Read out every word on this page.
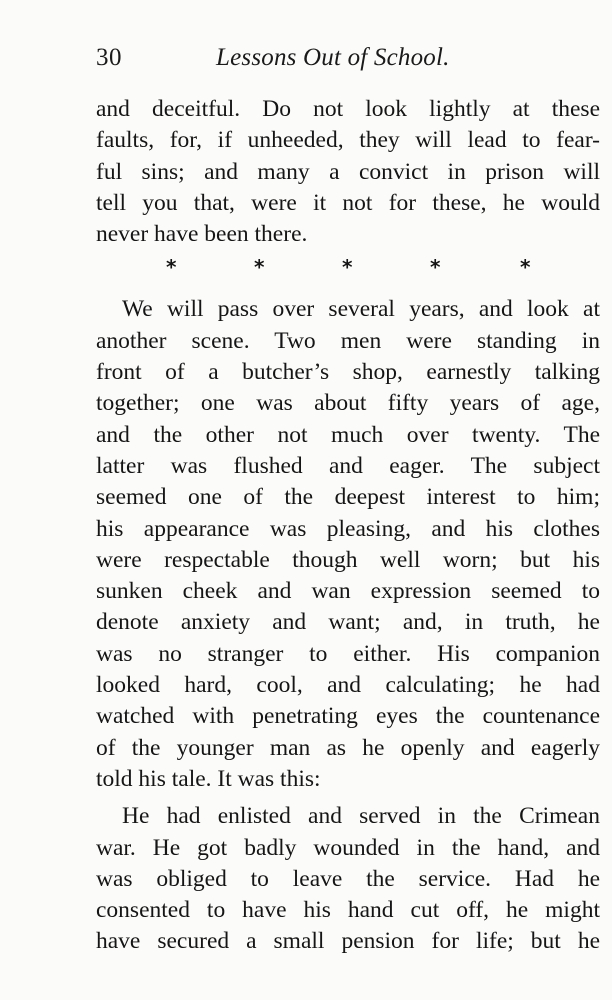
30	Lessons Out of School.
and deceitful. Do not look lightly at these
faults, for, if unheeded, they will lead to fear-
ful sins; and many a convict in prison will
tell you that, were it not for these, he would
never have been there.
*	*	*	*	*
We will pass over several years, and look at
another scene. Two men were standing in
front of a butcher’s shop, earnestly talking
together; one was about fifty years of age,
and the other not much over twenty. The
latter was flushed and eager. The subject
seemed one of the deepest interest to him;
his appearance was pleasing, and his clothes
were respectable though well worn; but his
sunken cheek and wan expression seemed to
denote anxiety and want; and, in truth, he
was no stranger to either. His companion
looked hard, cool, and calculating; he had
watched with penetrating eyes the countenance
of the younger man as he openly and eagerly
told his tale. It was this:
He had enlisted and served in the Crimean
war. He got badly wounded in the hand, and
was obliged to leave the service. Had he
consented to have his hand cut off, he might
have secured a small pension for life; but he
